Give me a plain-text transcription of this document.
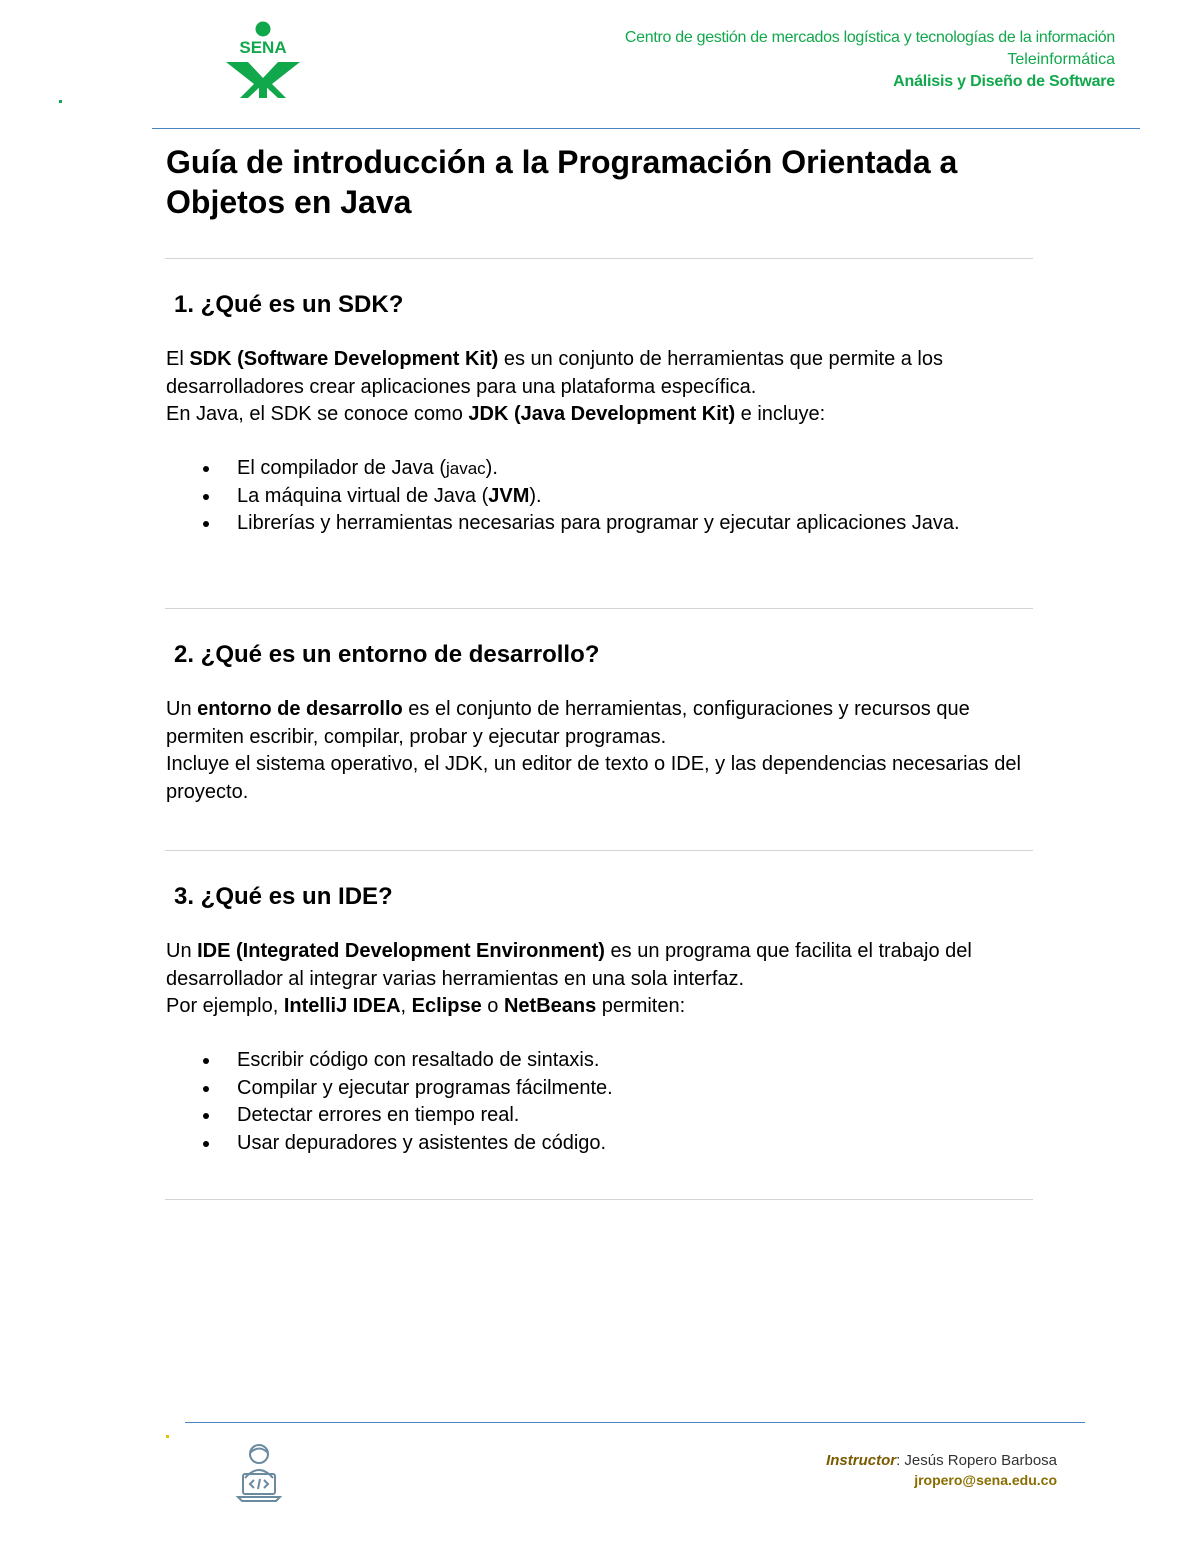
SENA
Centro de gestión de mercados logística y tecnologías de la información
Teleinformática
Análisis y Diseño de Software
Guía de introducción a la Programación Orientada a Objetos en Java
1. ¿Qué es un SDK?
El SDK (Software Development Kit) es un conjunto de herramientas que permite a los desarrolladores crear aplicaciones para una plataforma específica.
En Java, el SDK se conoce como JDK (Java Development Kit) e incluye:
El compilador de Java (javac).
La máquina virtual de Java (JVM).
Librerías y herramientas necesarias para programar y ejecutar aplicaciones Java.
2. ¿Qué es un entorno de desarrollo?
Un entorno de desarrollo es el conjunto de herramientas, configuraciones y recursos que permiten escribir, compilar, probar y ejecutar programas.
Incluye el sistema operativo, el JDK, un editor de texto o IDE, y las dependencias necesarias del proyecto.
3. ¿Qué es un IDE?
Un IDE (Integrated Development Environment) es un programa que facilita el trabajo del desarrollador al integrar varias herramientas en una sola interfaz.
Por ejemplo, IntelliJ IDEA, Eclipse o NetBeans permiten:
Escribir código con resaltado de sintaxis.
Compilar y ejecutar programas fácilmente.
Detectar errores en tiempo real.
Usar depuradores y asistentes de código.
Instructor: Jesús Ropero Barbosa
jropero@sena.edu.co
